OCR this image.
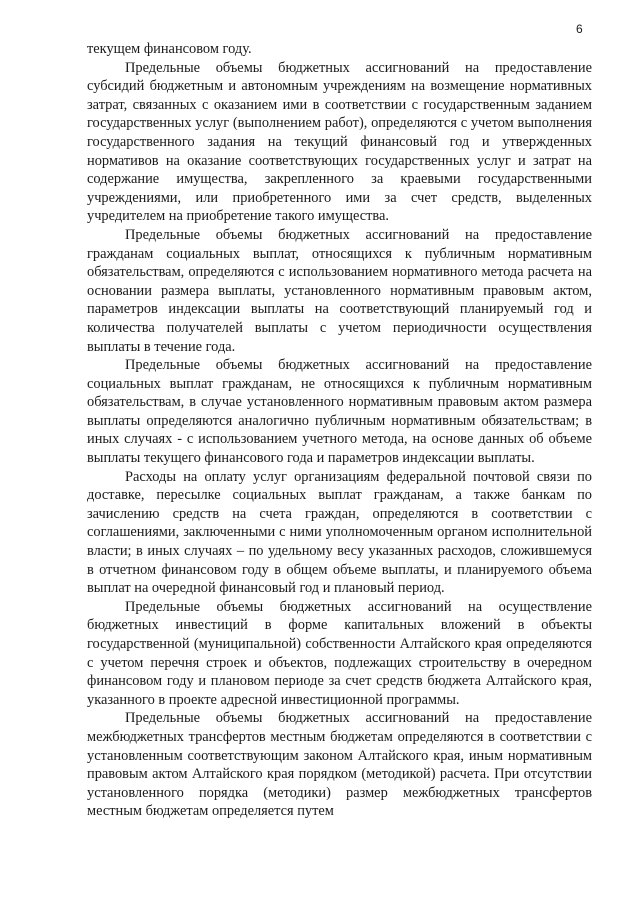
6

текущем финансовом году.

Предельные объемы бюджетных ассигнований на предоставление субсидий бюджетным и автономным учреждениям на возмещение нормативных затрат, связанных с оказанием ими в соответствии с государственным заданием государственных услуг (выполнением работ), определяются с учетом выполнения государственного задания на текущий финансовый год и утвержденных нормативов на оказание соответствующих государственных услуг и затрат на содержание имущества, закрепленного за краевыми государственными учреждениями, или приобретенного ими за счет средств, выделенных учредителем на приобретение такого имущества.

Предельные объемы бюджетных ассигнований на предоставление гражданам социальных выплат, относящихся к публичным нормативным обязательствам, определяются с использованием нормативного метода расчета на основании размера выплаты, установленного нормативным правовым актом, параметров индексации выплаты на соответствующий планируемый год и количества получателей выплаты с учетом периодичности осуществления выплаты в течение года.

Предельные объемы бюджетных ассигнований на предоставление социальных выплат гражданам, не относящихся к публичным нормативным обязательствам, в случае установленного нормативным правовым актом размера выплаты определяются аналогично публичным нормативным обязательствам; в иных случаях - с использованием учетного метода, на основе данных об объеме выплаты текущего финансового года и параметров индексации выплаты.

Расходы на оплату услуг организациям федеральной почтовой связи по доставке, пересылке социальных выплат гражданам, а также банкам по зачислению средств на счета граждан, определяются в соответствии с соглашениями, заключенными с ними уполномоченным органом исполнительной власти; в иных случаях – по удельному весу указанных расходов, сложившемуся в отчетном финансовом году в общем объеме выплаты, и планируемого объема выплат на очередной финансовый год и плановый период.

Предельные объемы бюджетных ассигнований на осуществление бюджетных инвестиций в форме капитальных вложений в объекты государственной (муниципальной) собственности Алтайского края определяются с учетом перечня строек и объектов, подлежащих строительству в очередном финансовом году и плановом периоде за счет средств бюджета Алтайского края, указанного в проекте адресной инвестиционной программы.

Предельные объемы бюджетных ассигнований на предоставление межбюджетных трансфертов местным бюджетам определяются в соответствии с установленным соответствующим законом Алтайского края, иным нормативным правовым актом Алтайского края порядком (методикой) расчета. При отсутствии установленного порядка (методики) размер межбюджетных трансфертов местным бюджетам определяется путем
